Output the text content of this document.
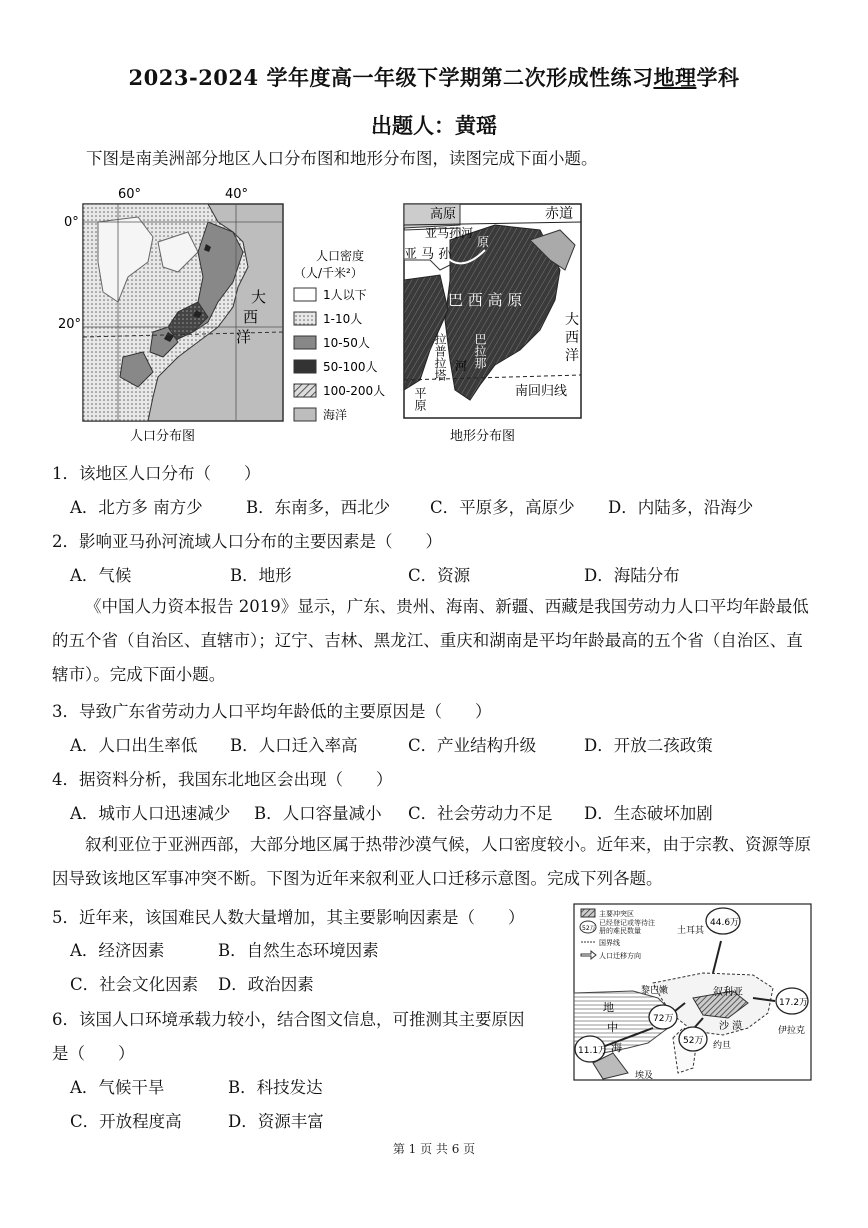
2023-2024 学年度高一年级下学期第二次形成性练习地理学科
出题人：黄瑶
下图是南美洲部分地区人口分布图和地形分布图，读图完成下面小题。
60°	40°
0°
20°
大
西
洋
人口密度
（人/千米²）
1人以下
1-10人
10-50人
50-100人
100-200人
海洋
人口分布图
高原	赤道
亚马孙河
原
亚 马 孙
巴 西 高 原
大
西
洋
拉普拉塔 巴拉那
河
平原	南回归线
地形分布图
1．该地区人口分布（　　）
A．北方多 南方少	B．东南多，西北少	C．平原多，高原少	D．内陆多，沿海少
2．影响亚马孙河流域人口分布的主要因素是（　　）
A．气候	B．地形	C．资源	D．海陆分布
《中国人力资本报告 2019》显示，广东、贵州、海南、新疆、西藏是我国劳动力人口平均年龄最低的五个省（自治区、直辖市）；辽宁、吉林、黑龙江、重庆和湖南是平均年龄最高的五个省（自治区、直辖市）。完成下面小题。
3．导致广东省劳动力人口平均年龄低的主要原因是（　　）
A．人口出生率低	B．人口迁入率高	C．产业结构升级	D．开放二孩政策
4．据资料分析，我国东北地区会出现（　　）
A．城市人口迅速减少	B．人口容量减小	C．社会劳动力不足	D．生态破坏加剧
叙利亚位于亚洲西部，大部分地区属于热带沙漠气候，人口密度较小。近年来，由于宗教、资源等原因导致该地区军事冲突不断。下图为近年来叙利亚人口迁移示意图。完成下列各题。
5．近年来，该国难民人数大量增加，其主要影响因素是（　　）
A．经济因素	B．自然生态环境因素
C．社会文化因素	D．政治因素
6．该国人口环境承载力较小，结合图文信息，可推测其主要原因
是（　　）
A．气候干旱	B．科技发达
C．开放程度高	D．资源丰富
主要冲突区
52万
已经登记或等待注册的难民数量
国界线
人口迁移方向
土耳其
叙利亚
黎巴嫩
约旦
伊拉克
埃及
地
中
海
沙 漠
44.6万
72万
17.2万
52万
11.1万
第 1 页 共 6 页
